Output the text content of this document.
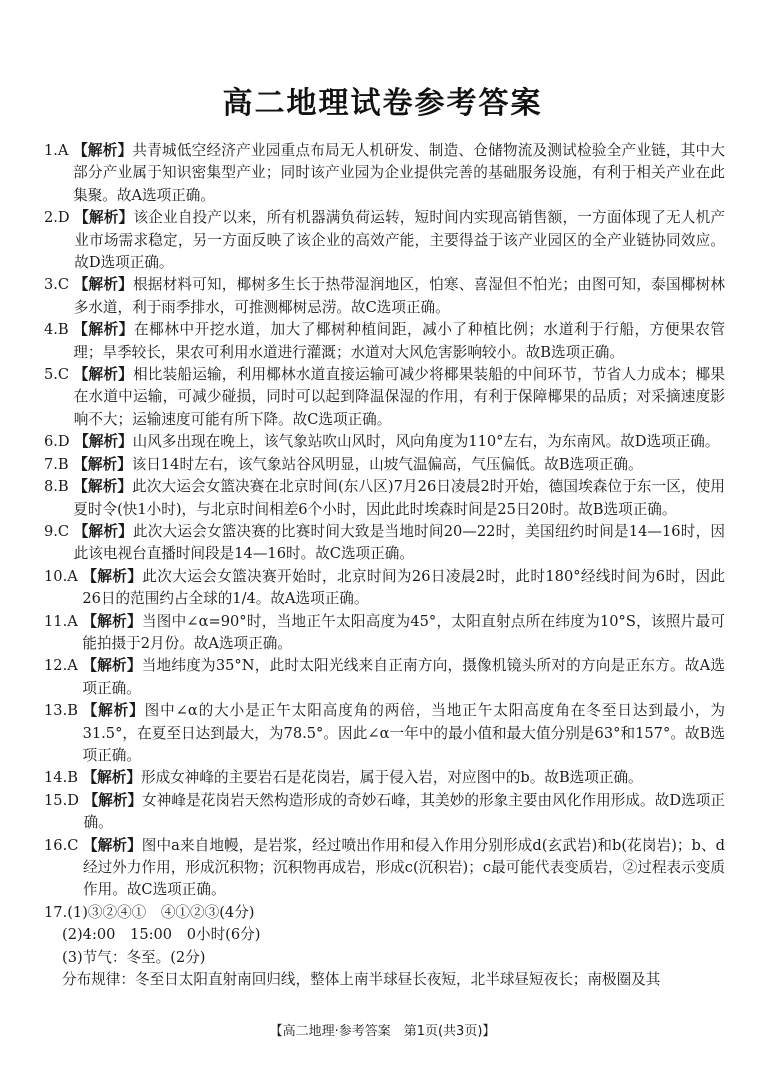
高二地理试卷参考答案
1.A
【解析】共青城低空经济产业园重点布局无人机研发、制造、仓储物流及测试检验全产业链，其中大部分产业属于知识密集型产业；同时该产业园为企业提供完善的基础服务设施，有利于相关产业在此集聚。故A选项正确。
2.D
【解析】该企业自投产以来，所有机器满负荷运转，短时间内实现高销售额，一方面体现了无人机产业市场需求稳定，另一方面反映了该企业的高效产能，主要得益于该产业园区的全产业链协同效应。故D选项正确。
3.C
【解析】根据材料可知，椰树多生长于热带湿润地区，怕寒、喜湿但不怕光；由图可知，泰国椰树林多水道，利于雨季排水，可推测椰树忌涝。故C选项正确。
4.B
【解析】在椰林中开挖水道，加大了椰树种植间距，减小了种植比例；水道利于行船，方便果农管理；旱季较长，果农可利用水道进行灌溉；水道对大风危害影响较小。故B选项正确。
5.C
【解析】相比装船运输，利用椰林水道直接运输可减少将椰果装船的中间环节，节省人力成本；椰果在水道中运输，可减少碰损，同时可以起到降温保湿的作用，有利于保障椰果的品质；对采摘速度影响不大；运输速度可能有所下降。故C选项正确。
6.D
【解析】山风多出现在晚上，该气象站吹山风时，风向角度为110°左右，为东南风。故D选项正确。
7.B
【解析】该日14时左右，该气象站谷风明显，山坡气温偏高，气压偏低。故B选项正确。
8.B
【解析】此次大运会女篮决赛在北京时间(东八区)7月26日凌晨2时开始，德国埃森位于东一区，使用夏时令(快1小时)，与北京时间相差6个小时，因此此时埃森时间是25日20时。故B选项正确。
9.C
【解析】此次大运会女篮决赛的比赛时间大致是当地时间20—22时，美国纽约时间是14—16时，因此该电视台直播时间段是14—16时。故C选项正确。
10.A
【解析】此次大运会女篮决赛开始时，北京时间为26日凌晨2时，此时180°经线时间为6时，因此26日的范围约占全球的1/4。故A选项正确。
11.A
【解析】当图中∠α=90°时，当地正午太阳高度为45°，太阳直射点所在纬度为10°S，该照片最可能拍摄于2月份。故A选项正确。
12.A
【解析】当地纬度为35°N，此时太阳光线来自正南方向，摄像机镜头所对的方向是正东方。故A选项正确。
13.B
【解析】图中∠α的大小是正午太阳高度角的两倍，当地正午太阳高度角在冬至日达到最小，为31.5°，在夏至日达到最大，为78.5°。因此∠α一年中的最小值和最大值分别是63°和157°。故B选项正确。
14.B
【解析】形成女神峰的主要岩石是花岗岩，属于侵入岩，对应图中的b。故B选项正确。
15.D
【解析】女神峰是花岗岩天然构造形成的奇妙石峰，其美妙的形象主要由风化作用形成。故D选项正确。
16.C
【解析】图中a来自地幔，是岩浆，经过喷出作用和侵入作用分别形成d(玄武岩)和b(花岗岩)；b、d经过外力作用，形成沉积物；沉积物再成岩，形成c(沉积岩)；c最可能代表变质岩，②过程表示变质作用。故C选项正确。
17. (1)③②④①　④①②③(4分)
(2)4:00　15:00　0小时(6分)
(3)节气：冬至。(2分)
分布规律：冬至日太阳直射南回归线，整体上南半球昼长夜短，北半球昼短夜长；南极圈及其
【高二地理·参考答案　第1页(共3页)】
